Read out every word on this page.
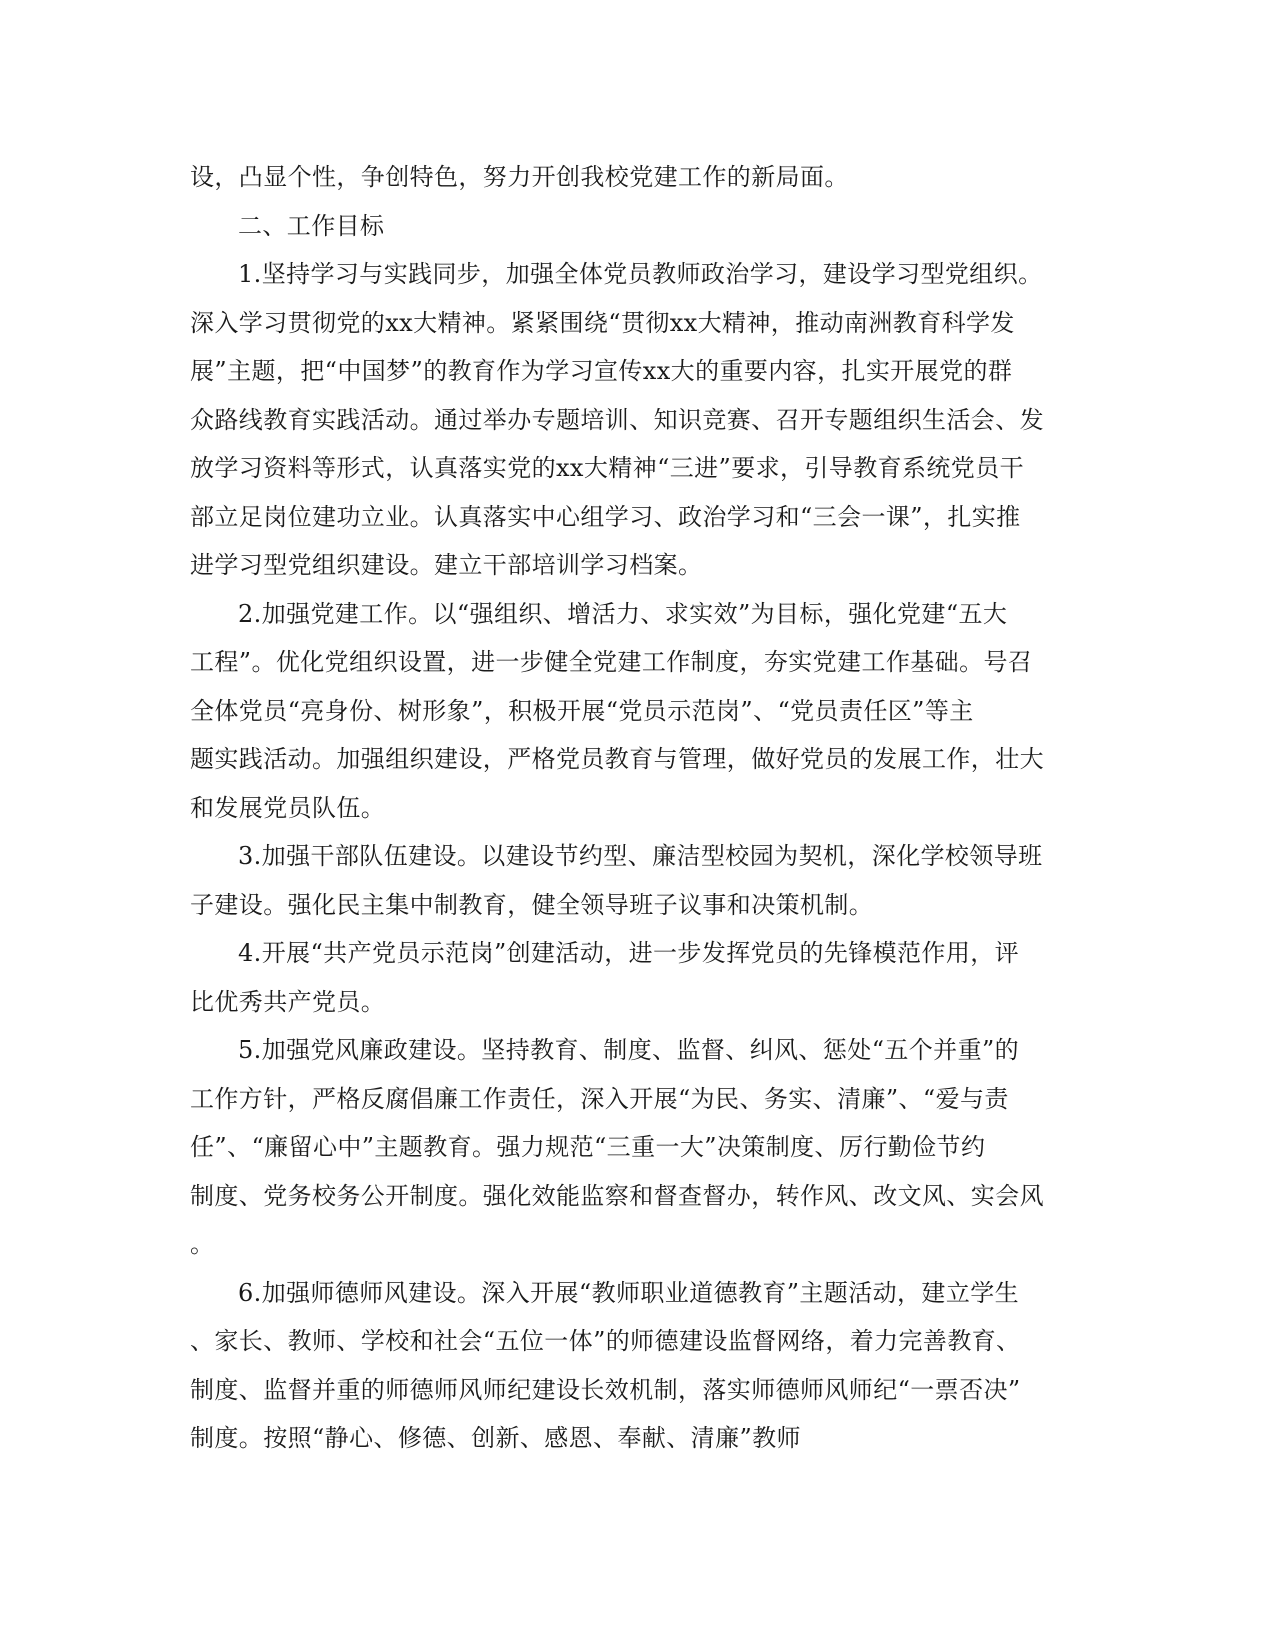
设，凸显个性，争创特色，努力开创我校党建工作的新局面。

二、工作目标

1.坚持学习与实践同步，加强全体党员教师政治学习，建设学习型党组织。
深入学习贯彻党的xx大精神。紧紧围绕“贯彻xx大精神，推动南洲教育科学发
展”主题，把“中国梦”的教育作为学习宣传xx大的重要内容，扎实开展党的群
众路线教育实践活动。通过举办专题培训、知识竞赛、召开专题组织生活会、发
放学习资料等形式，认真落实党的xx大精神“三进”要求，引导教育系统党员干
部立足岗位建功立业。认真落实中心组学习、政治学习和“三会一课”，扎实推
进学习型党组织建设。建立干部培训学习档案。

2.加强党建工作。以“强组织、增活力、求实效”为目标，强化党建“五大
工程”。优化党组织设置，进一步健全党建工作制度，夯实党建工作基础。号召
全体党员“亮身份、树形象”，积极开展“党员示范岗”、“党员责任区”等主
题实践活动。加强组织建设，严格党员教育与管理，做好党员的发展工作，壮大
和发展党员队伍。

3.加强干部队伍建设。以建设节约型、廉洁型校园为契机，深化学校领导班
子建设。强化民主集中制教育，健全领导班子议事和决策机制。

4.开展“共产党员示范岗”创建活动，进一步发挥党员的先锋模范作用，评
比优秀共产党员。

5.加强党风廉政建设。坚持教育、制度、监督、纠风、惩处“五个并重”的
工作方针，严格反腐倡廉工作责任，深入开展“为民、务实、清廉”、“爱与责
任”、“廉留心中”主题教育。强力规范“三重一大”决策制度、厉行勤俭节约
制度、党务校务公开制度。强化效能监察和督查督办，转作风、改文风、实会风
。

6.加强师德师风建设。深入开展“教师职业道德教育”主题活动，建立学生
、家长、教师、学校和社会“五位一体”的师德建设监督网络，着力完善教育、
制度、监督并重的师德师风师纪建设长效机制，落实师德师风师纪“一票否决”
制度。按照“静心、修德、创新、感恩、奉献、清廉”教师
